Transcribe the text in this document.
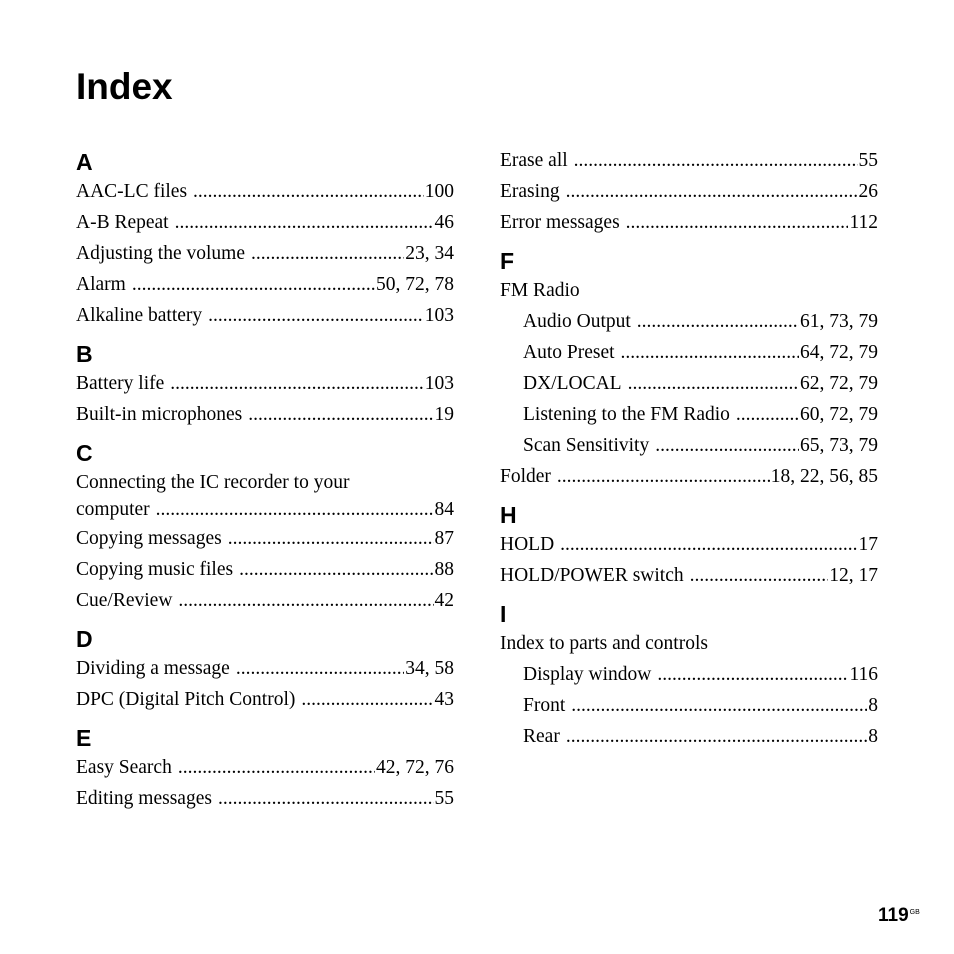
Index
A
AAC-LC files .....	100
A-B Repeat .....	46
Adjusting the volume .....	23, 34
Alarm .....	50, 72, 78
Alkaline battery .....	103
B
Battery life .....	103
Built-in microphones .....	19
C
Connecting the IC recorder to your
computer .....	84
Copying messages .....	87
Copying music files .....	88
Cue/Review .....	42
D
Dividing a message .....	34, 58
DPC (Digital Pitch Control) .....	43
E
Easy Search .....	42, 72, 76
Editing messages .....	55
Erase all .....	55
Erasing .....	26
Error messages .....	112
F
FM Radio
Audio Output .....	61, 73, 79
Auto Preset .....	64, 72, 79
DX/LOCAL .....	62, 72, 79
Listening to the FM Radio .....	60, 72, 79
Scan Sensitivity .....	65, 73, 79
Folder .....	18, 22, 56, 85
H
HOLD .....	17
HOLD/POWER switch .....	12, 17
I
Index to parts and controls
Display window .....	116
Front .....	8
Rear .....	8
$119^{GB}$
